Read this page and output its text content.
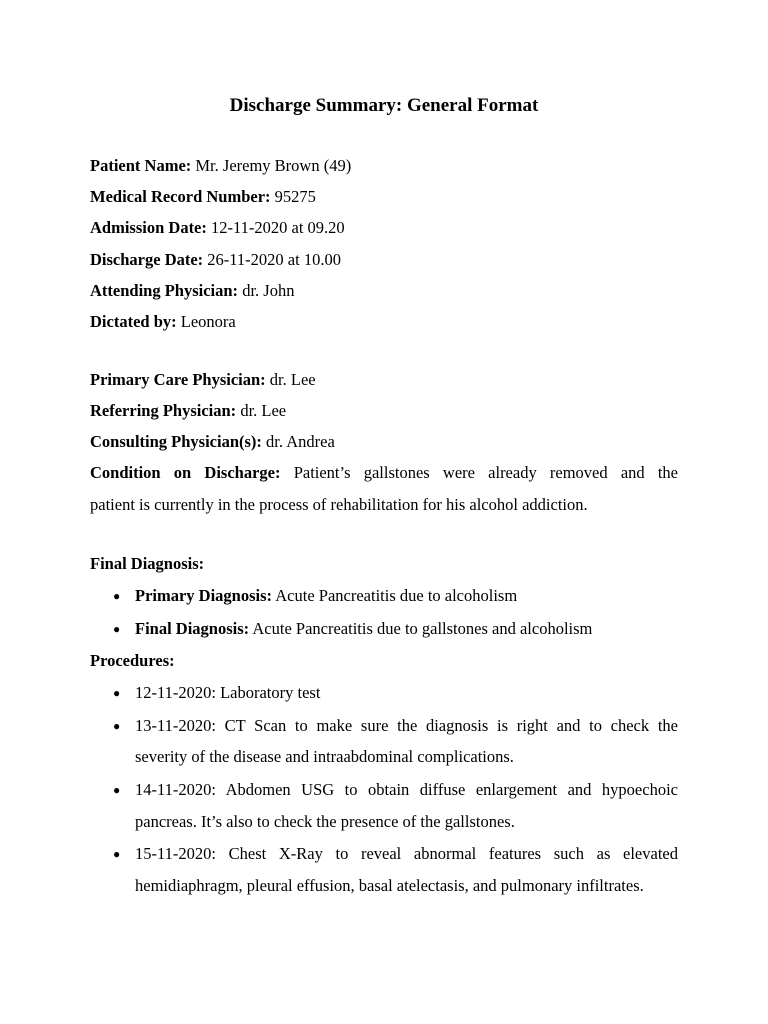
Discharge Summary: General Format
Patient Name: Mr. Jeremy Brown (49)
Medical Record Number: 95275
Admission Date: 12-11-2020 at 09.20
Discharge Date: 26-11-2020 at 10.00
Attending Physician: dr. John
Dictated by: Leonora
Primary Care Physician: dr. Lee
Referring Physician: dr. Lee
Consulting Physician(s): dr. Andrea
Condition on Discharge: Patient’s gallstones were already removed and the
patient is currently in the process of rehabilitation for his alcohol addiction.
Final Diagnosis:
● Primary Diagnosis: Acute Pancreatitis due to alcoholism
● Final Diagnosis: Acute Pancreatitis due to gallstones and alcoholism
Procedures:
● 12-11-2020: Laboratory test
● 13-11-2020: CT Scan to make sure the diagnosis is right and to check the
severity of the disease and intraabdominal complications.
● 14-11-2020: Abdomen USG to obtain diffuse enlargement and hypoechoic
pancreas. It’s also to check the presence of the gallstones.
● 15-11-2020: Chest X-Ray to reveal abnormal features such as elevated
hemidiaphragm, pleural effusion, basal atelectasis, and pulmonary infiltrates.
